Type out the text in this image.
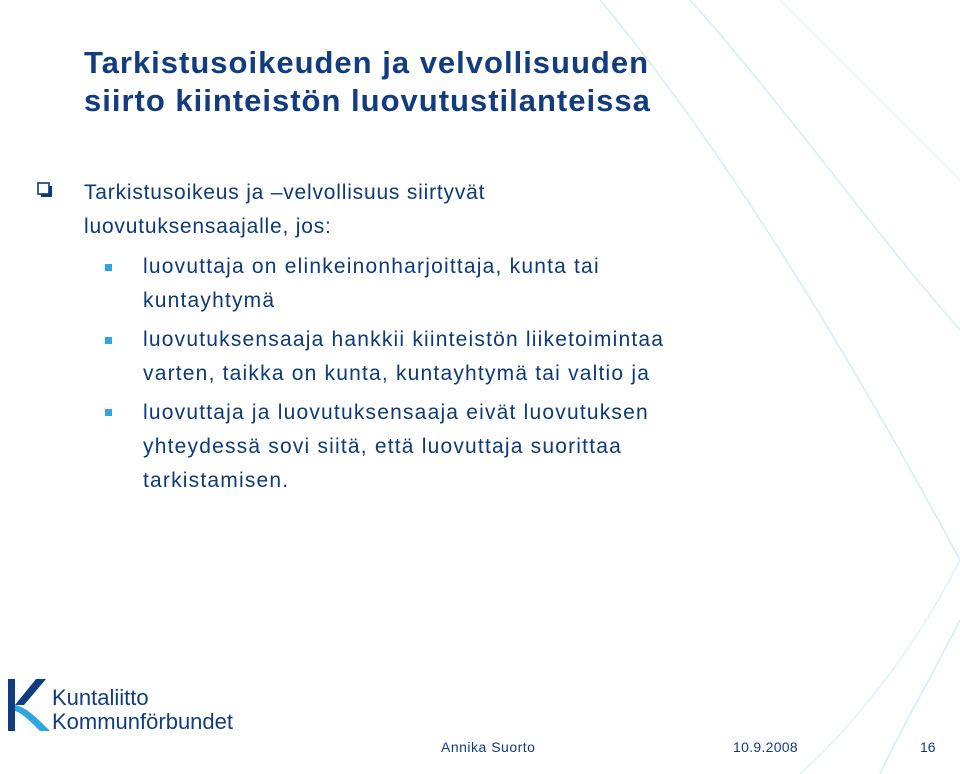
Tarkistusoikeuden ja velvollisuuden
siirto kiinteistön luovutustilanteissa
Tarkistusoikeus ja –velvollisuus siirtyvät
luovutuksensaajalle, jos:
luovuttaja on elinkeinonharjoittaja, kunta tai
kuntayhtymä
luovutuksensaaja hankkii kiinteistön liiketoimintaa
varten, taikka on kunta, kuntayhtymä tai valtio ja
luovuttaja ja luovutuksensaaja eivät luovutuksen
yhteydessä sovi siitä, että luovuttaja suorittaa
tarkistamisen.
Kuntaliitto
Kommunförbundet
Annika Suorto	10.9.2008	16
